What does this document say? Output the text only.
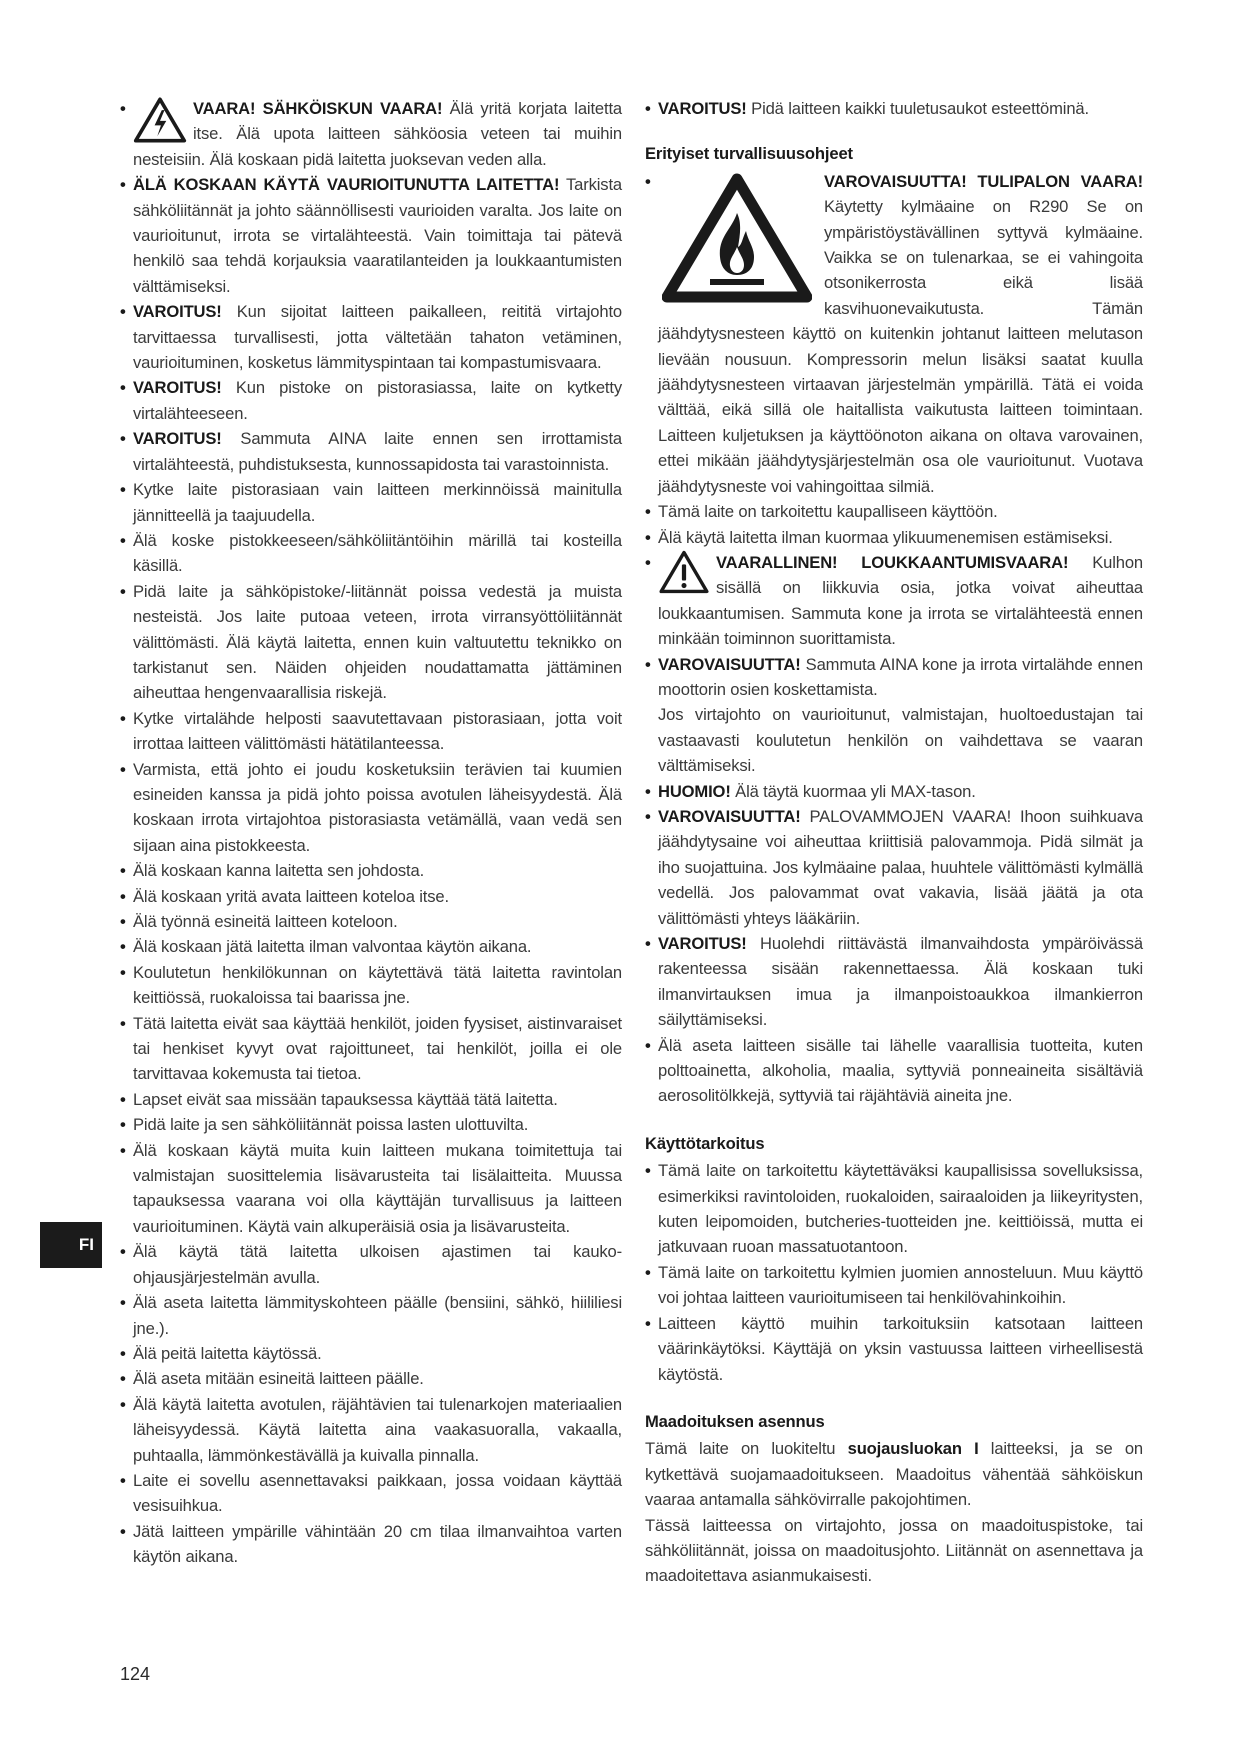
• VAARA! SÄHKÖISKUN VAARA! Älä yritä korjata laitetta itse. Älä upota laitteen sähköosia veteen tai muihin nesteisiin. Älä koskaan pidä laitetta juoksevan veden alla.
• ÄLÄ KOSKAAN KÄYTÄ VAURIOITUNUTTA LAITETTA! Tarkista sähköliitännät ja johto säännöllisesti vaurioiden varalta. Jos laite on vaurioitunut, irrota se virtalähteestä. Vain toimittaja tai pätevä henkilö saa tehdä korjauksia vaaratilanteiden ja loukkaantumisten välttämiseksi.
• VAROITUS! Kun sijoitat laitteen paikalleen, reititä virtajohto tarvittaessa turvallisesti, jotta vältetään tahaton vetäminen, vaurioituminen, kosketus lämmityspintaan tai kompastumisvaara.
• VAROITUS! Kun pistoke on pistorasiassa, laite on kytketty virtalähteeseen.
• VAROITUS! Sammuta AINA laite ennen sen irrottamista virtalähteestä, puhdistuksesta, kunnossapidosta tai varastoinnista.
• Kytke laite pistorasiaan vain laitteen merkinnöissä mainitulla jännitteellä ja taajuudella.
• Älä koske pistokkeeseen/sähköliitäntöihin märillä tai kosteilla käsillä.
• Pidä laite ja sähköpistoke/-liitännät poissa vedestä ja muista nesteistä. Jos laite putoaa veteen, irrota virransyöttöliitännät välittömästi. Älä käytä laitetta, ennen kuin valtuutettu teknikko on tarkistanut sen. Näiden ohjeiden noudattamatta jättäminen aiheuttaa hengenvaarallisia riskejä.
• Kytke virtalähde helposti saavutettavaan pistorasiaan, jotta voit irrottaa laitteen välittömästi hätätilanteessa.
• Varmista, että johto ei joudu kosketuksiin terävien tai kuumien esineiden kanssa ja pidä johto poissa avotulen läheisyydestä. Älä koskaan irrota virtajohtoa pistorasiasta vetämällä, vaan vedä sen sijaan aina pistokkeesta.
• Älä koskaan kanna laitetta sen johdosta.
• Älä koskaan yritä avata laitteen koteloa itse.
• Älä työnnä esineitä laitteen koteloon.
• Älä koskaan jätä laitetta ilman valvontaa käytön aikana.
• Koulutetun henkilökunnan on käytettävä tätä laitetta ravintolan keittiössä, ruokaloissa tai baarissa jne.
• Tätä laitetta eivät saa käyttää henkilöt, joiden fyysiset, aistinvaraiset tai henkiset kyvyt ovat rajoittuneet, tai henkilöt, joilla ei ole tarvittavaa kokemusta tai tietoa.
• Lapset eivät saa missään tapauksessa käyttää tätä laitetta.
• Pidä laite ja sen sähköliitännät poissa lasten ulottuvilta.
• Älä koskaan käytä muita kuin laitteen mukana toimitettuja tai valmistajan suosittelemia lisävarusteita tai lisälaitteita. Muussa tapauksessa vaarana voi olla käyttäjän turvallisuus ja laitteen vaurioituminen. Käytä vain alkuperäisiä osia ja lisävarusteita.
• Älä käytä tätä laitetta ulkoisen ajastimen tai kauko-ohjausjärjestelmän avulla.
• Älä aseta laitetta lämmityskohteen päälle (bensiini, sähkö, hiililiesi jne.).
• Älä peitä laitetta käytössä.
• Älä aseta mitään esineitä laitteen päälle.
• Älä käytä laitetta avotulen, räjähtävien tai tulenarkojen materiaalien läheisyydessä. Käytä laitetta aina vaakasuoralla, vakaalla, puhtaalla, lämmönkestävällä ja kuivalla pinnalla.
• Laite ei sovellu asennettavaksi paikkaan, jossa voidaan käyttää vesisuihkua.
• Jätä laitteen ympärille vähintään 20 cm tilaa ilmanvaihtoa varten käytön aikana.
• VAROITUS! Pidä laitteen kaikki tuuletusaukot esteettöminä.
Erityiset turvallisuusohjeet
• VAROVAISUUTTA! TULIPALON VAARA! Käytetty kylmäaine on R290 Se on ympäristöystävällinen syttyvä kylmäaine. Vaikka se on tulenarkaa, se ei vahingoita otsonikerrosta eikä lisää kasvihuonevaikutusta. Tämän jäähdytysnesteen käyttö on kuitenkin johtanut laitteen melutason lievään nousuun. Kompressorin melun lisäksi saatat kuulla jäähdytysnesteen virtaavan järjestelmän ympärillä. Tätä ei voida välttää, eikä sillä ole haitallista vaikutusta laitteen toimintaan. Laitteen kuljetuksen ja käyttöönoton aikana on oltava varovainen, ettei mikään jäähdytysjärjestelmän osa ole vaurioitunut. Vuotava jäähdytysneste voi vahingoittaa silmiä.
• Tämä laite on tarkoitettu kaupalliseen käyttöön.
• Älä käytä laitetta ilman kuormaa ylikuumenemisen estämiseksi.
• VAARALLINEN! LOUKKAANTUMISVAARA! Kulhon sisällä on liikkuvia osia, jotka voivat aiheuttaa loukkaantumisen. Sammuta kone ja irrota se virtalähteestä ennen minkään toiminnon suorittamista.
• VAROVAISUUTTA! Sammuta AINA kone ja irrota virtalähde ennen moottorin osien koskettamista.
Jos virtajohto on vaurioitunut, valmistajan, huoltoedustajan tai vastaavasti koulutetun henkilön on vaihdettava se vaaran välttämiseksi.
• HUOMIO! Älä täytä kuormaa yli MAX-tason.
• VAROVAISUUTTA! PALOVAMMOJEN VAARA! Ihoon suihkuava jäähdytysaine voi aiheuttaa kriittisiä palovammoja. Pidä silmät ja iho suojattuina. Jos kylmäaine palaa, huuhtele välittömästi kylmällä vedellä. Jos palovammat ovat vakavia, lisää jäätä ja ota välittömästi yhteys lääkäriin.
• VAROITUS! Huolehdi riittävästä ilmanvaihdosta ympäröivässä rakenteessa sisään rakennettaessa. Älä koskaan tuki ilmanvirtauksen imua ja ilmanpoistoaukkoa ilmankierron säilyttämiseksi.
• Älä aseta laitteen sisälle tai lähelle vaarallisia tuotteita, kuten polttoainetta, alkoholia, maalia, syttyviä ponneaineita sisältäviä aerosolitölkkejä, syttyviä tai räjähtäviä aineita jne.
Käyttötarkoitus
• Tämä laite on tarkoitettu käytettäväksi kaupallisissa sovelluksissa, esimerkiksi ravintoloiden, ruokaloiden, sairaaloiden ja liikeyritysten, kuten leipomoiden, butcheries-tuotteiden jne. keittiöissä, mutta ei jatkuvaan ruoan massatuotantoon.
• Tämä laite on tarkoitettu kylmien juomien annosteluun. Muu käyttö voi johtaa laitteen vaurioitumiseen tai henkilövahinkoihin.
• Laitteen käyttö muihin tarkoituksiin katsotaan laitteen väärinkäytöksi. Käyttäjä on yksin vastuussa laitteen virheellisestä käytöstä.
Maadoituksen asennus

Tämä laite on luokiteltu suojausluokan I laitteeksi, ja se on kytkettävä suojamaadoitukseen. Maadoitus vähentää sähköiskun vaaraa antamalla sähkövirralle pakojohtimen.

Tässä laitteessa on virtajohto, jossa on maadoituspistoke, tai sähköliitännät, joissa on maadoitusjohto. Liitännät on asennettava ja maadoitettava asianmukaisesti.

FI
124
